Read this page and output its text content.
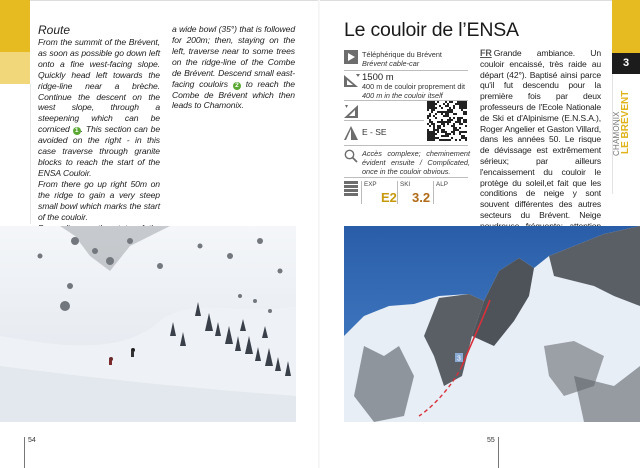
Route

From the summit of the Brévent, as soon as possible go down left onto a fine west-facing slope. Quickly head left towards the ridge-line near a brèche. Continue the descent on the west slope, through a steepening which can be corniced 1 . This section can be avoided on the right - in this case traverse through granite blocks to reach the start of the ENSA Couloir.

From there go up right 50m on the ridge to gain a very steep small bowl which marks the start of the couloir.

a wide bowl (35°) that is followed for 200m; then, staying on the left, traverse near to some trees on the ridge-line of the Combe de Brévent. Descend small east-facing couloirs 2 to reach the Combe de Brévent which then leads to Chamonix.

54
Le couloir de l’ENSA
Téléphérique du Brévent
Brévent cable-car
1500 m
400 m de couloir proprement dit
400 m in the couloir itself
E - SE
Accès complexe; cheminement évident ensuite / Complicated, once in the couloir obvious.
EXP
E2
SKI
3.2
ALP

FR Grande ambiance. Un couloir encaissé, très raide au départ (42°). Baptisé ainsi parce qu'il fut descendu pour la première fois par deux professeurs de l'Ecole Nationale de Ski et d'Alpinisme (E.N.S.A.), Roger Angelier et Gaston Villard, dans les années 50. Le risque de dévissage est extrêmement sérieux; par ailleurs l'encaissement du couloir le protège du soleil,et fait que les conditions de neige y sont souvent différentes des autres secteurs du Brévent. Neige

3
CHAMONIX LE BRÉVENT
3
55
